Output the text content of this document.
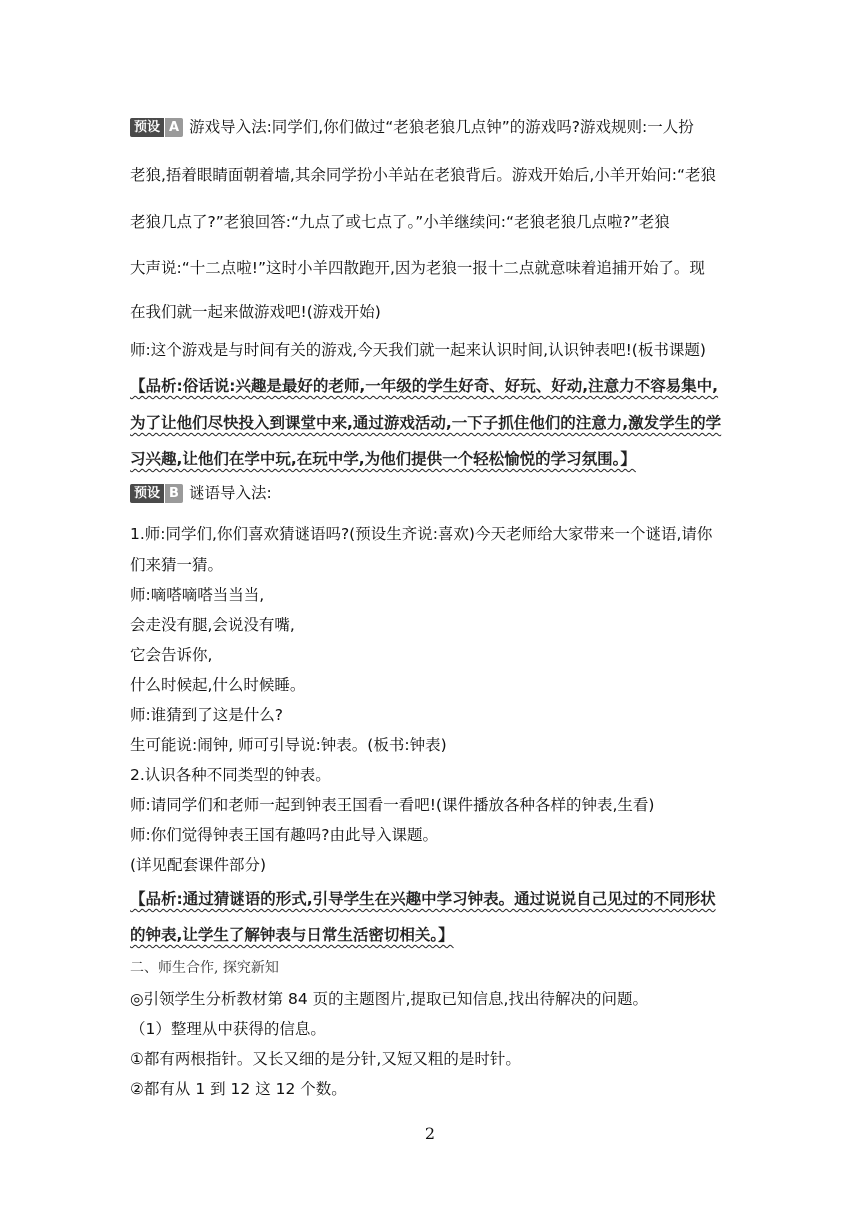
预设 A 游戏导入法:同学们,你们做过“老狼老狼几点钟”的游戏吗?游戏规则:一人扮
老狼,捂着眼睛面朝着墙,其余同学扮小羊站在老狼背后。游戏开始后,小羊开始问:“老狼
老狼几点了?”老狼回答:“九点了或七点了。”小羊继续问:“老狼老狼几点啦?”老狼
大声说:“十二点啦!”这时小羊四散跑开,因为老狼一报十二点就意味着追捕开始了。现
在我们就一起来做游戏吧!(游戏开始)
师:这个游戏是与时间有关的游戏,今天我们就一起来认识时间,认识钟表吧!(板书课题)
【品析:俗话说:兴趣是最好的老师,一年级的学生好奇、好玩、好动,注意力不容易集中,
为了让他们尽快投入到课堂中来,通过游戏活动,一下子抓住他们的注意力,激发学生的学
习兴趣,让他们在学中玩,在玩中学,为他们提供一个轻松愉悦的学习氛围。】
预设 B 谜语导入法:
1.师:同学们,你们喜欢猜谜语吗?(预设生齐说:喜欢)今天老师给大家带来一个谜语,请你
们来猜一猜。
师:嘀嗒嘀嗒当当当,
会走没有腿,会说没有嘴,
它会告诉你,
什么时候起,什么时候睡。
师:谁猜到了这是什么?
生可能说:闹钟, 师可引导说:钟表。(板书:钟表)
2.认识各种不同类型的钟表。
师:请同学们和老师一起到钟表王国看一看吧!(课件播放各种各样的钟表,生看)
师:你们觉得钟表王国有趣吗?由此导入课题。
(详见配套课件部分)
【品析:通过猜谜语的形式,引导学生在兴趣中学习钟表。通过说说自己见过的不同形状
的钟表,让学生了解钟表与日常生活密切相关。】
二、师生合作, 探究新知
◎引领学生分析教材第 84 页的主题图片,提取已知信息,找出待解决的问题。
（1）整理从中获得的信息。
①都有两根指针。又长又细的是分针,又短又粗的是时针。
②都有从 1 到 12 这 12 个数。
2
